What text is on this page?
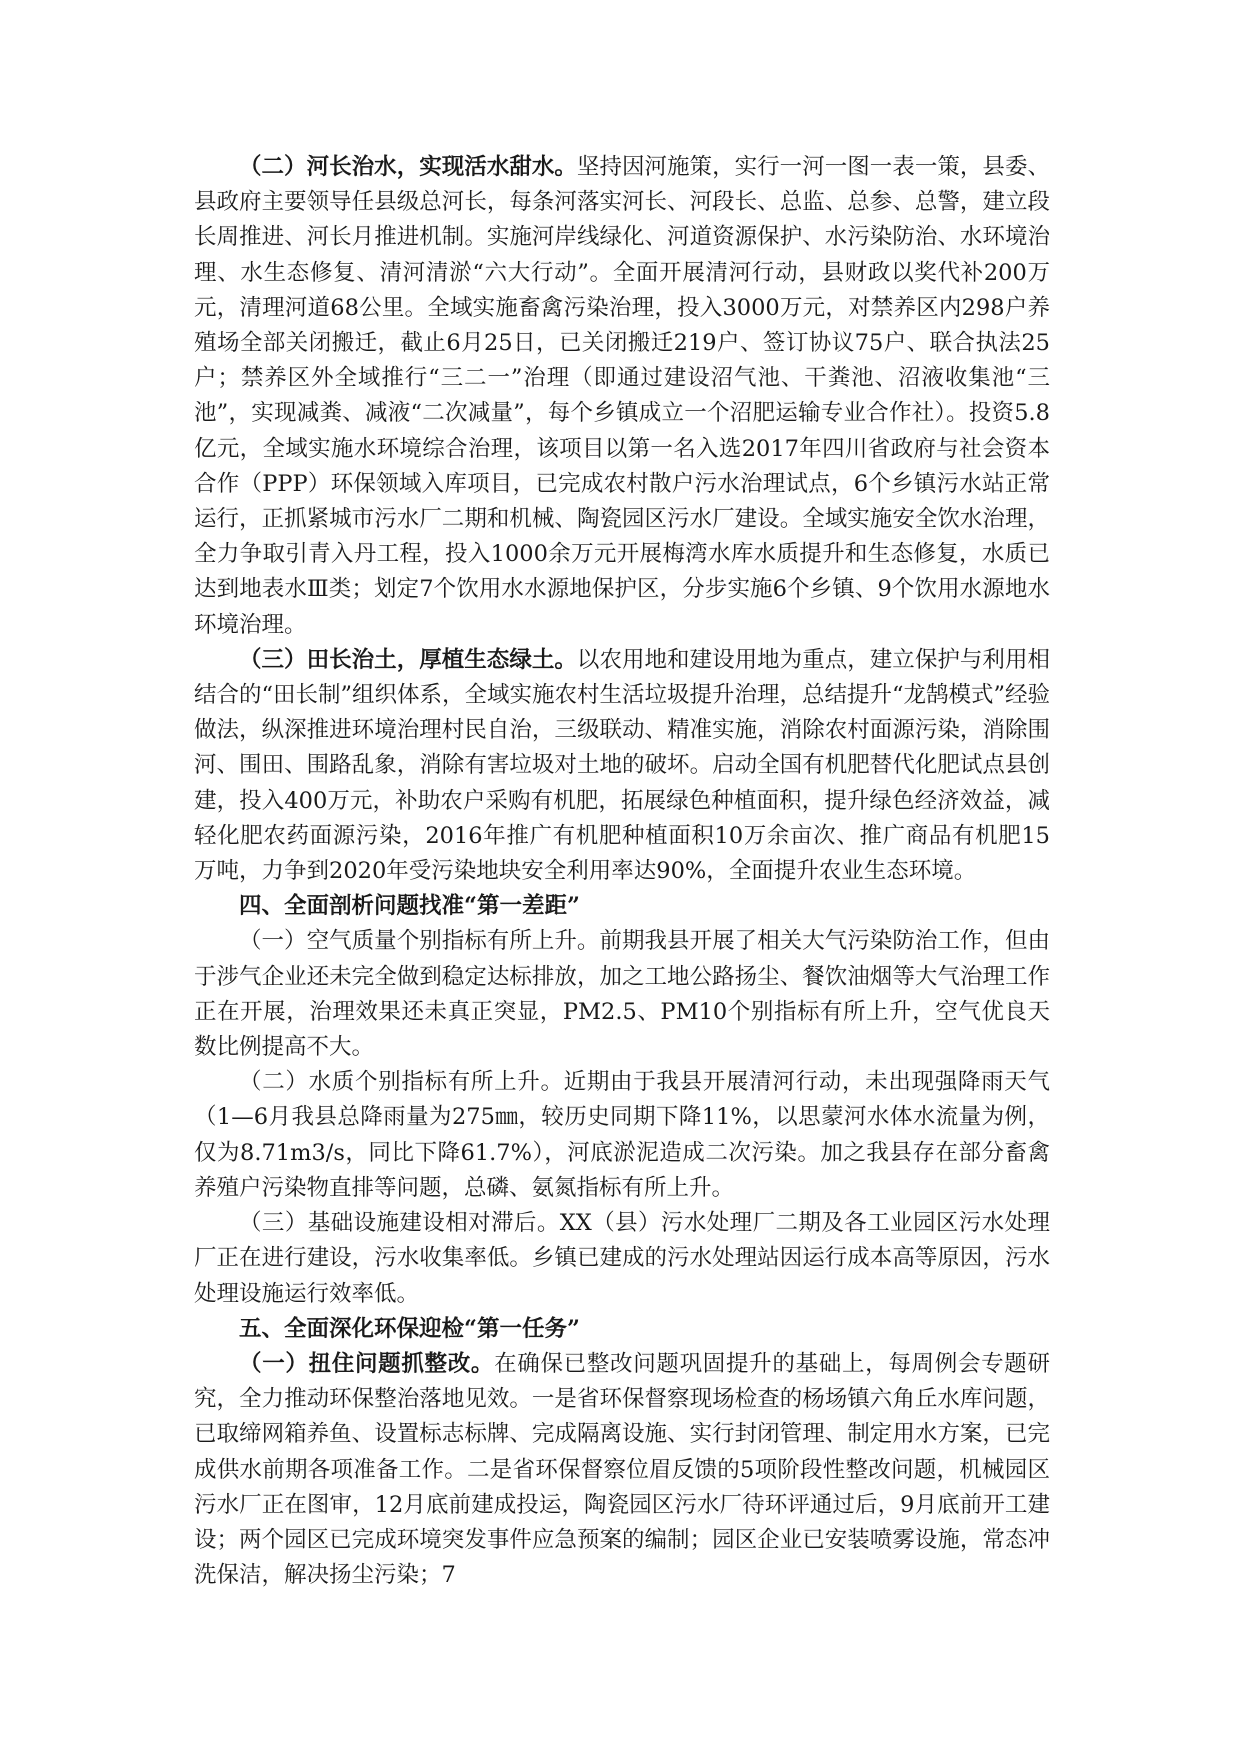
（二）河长治水，实现活水甜水。坚持因河施策，实行一河一图一表一策，县委、县政府主要领导任县级总河长，每条河落实河长、河段长、总监、总参、总警，建立段长周推进、河长月推进机制。实施河岸线绿化、河道资源保护、水污染防治、水环境治理、水生态修复、清河清淤“六大行动”。全面开展清河行动，县财政以奖代补200万元，清理河道68公里。全域实施畜禽污染治理，投入3000万元，对禁养区内298户养殖场全部关闭搬迁，截止6月25日，已关闭搬迁219户、签订协议75户、联合执法25户；禁养区外全域推行“三二一”治理（即通过建设沼气池、干粪池、沼液收集池“三池”，实现减粪、减液“二次减量”，每个乡镇成立一个沼肥运输专业合作社）。投资5.8亿元，全域实施水环境综合治理，该项目以第一名入选2017年四川省政府与社会资本合作（PPP）环保领域入库项目，已完成农村散户污水治理试点，6个乡镇污水站正常运行，正抓紧城市污水厂二期和机械、陶瓷园区污水厂建设。全域实施安全饮水治理，全力争取引青入丹工程，投入1000余万元开展梅湾水库水质提升和生态修复，水质已达到地表水Ⅲ类；划定7个饮用水水源地保护区，分步实施6个乡镇、9个饮用水源地水环境治理。

（三）田长治土，厚植生态绿土。以农用地和建设用地为重点，建立保护与利用相结合的“田长制”组织体系，全域实施农村生活垃圾提升治理，总结提升“龙鹄模式”经验做法，纵深推进环境治理村民自治，三级联动、精准实施，消除农村面源污染，消除围河、围田、围路乱象，消除有害垃圾对土地的破坏。启动全国有机肥替代化肥试点县创建，投入400万元，补助农户采购有机肥，拓展绿色种植面积，提升绿色经济效益，减轻化肥农药面源污染，2016年推广有机肥种植面积10万余亩次、推广商品有机肥15万吨，力争到2020年受污染地块安全利用率达90%，全面提升农业生态环境。

四、全面剖析问题找准“第一差距”

（一）空气质量个别指标有所上升。前期我县开展了相关大气污染防治工作，但由于涉气企业还未完全做到稳定达标排放，加之工地公路扬尘、餐饮油烟等大气治理工作正在开展，治理效果还未真正突显，PM2.5、PM10个别指标有所上升，空气优良天数比例提高不大。

（二）水质个别指标有所上升。近期由于我县开展清河行动，未出现强降雨天气（1—6月我县总降雨量为275㎜，较历史同期下降11%，以思蒙河水体水流量为例，仅为8.71m3/s，同比下降61.7%），河底淤泥造成二次污染。加之我县存在部分畜禽养殖户污染物直排等问题，总磷、氨氮指标有所上升。

（三）基础设施建设相对滞后。XX（县）污水处理厂二期及各工业园区污水处理厂正在进行建设，污水收集率低。乡镇已建成的污水处理站因运行成本高等原因，污水处理设施运行效率低。

五、全面深化环保迎检“第一任务”

（一）扭住问题抓整改。在确保已整改问题巩固提升的基础上，每周例会专题研究，全力推动环保整治落地见效。一是省环保督察现场检查的杨场镇六角丘水库问题，已取缔网箱养鱼、设置标志标牌、完成隔离设施、实行封闭管理、制定用水方案，已完成供水前期各项准备工作。二是省环保督察位眉反馈的5项阶段性整改问题，机械园区污水厂正在图审，12月底前建成投运，陶瓷园区污水厂待环评通过后，9月底前开工建设；两个园区已完成环境突发事件应急预案的编制；园区企业已安装喷雾设施，常态冲洗保洁，解决扬尘污染；7
